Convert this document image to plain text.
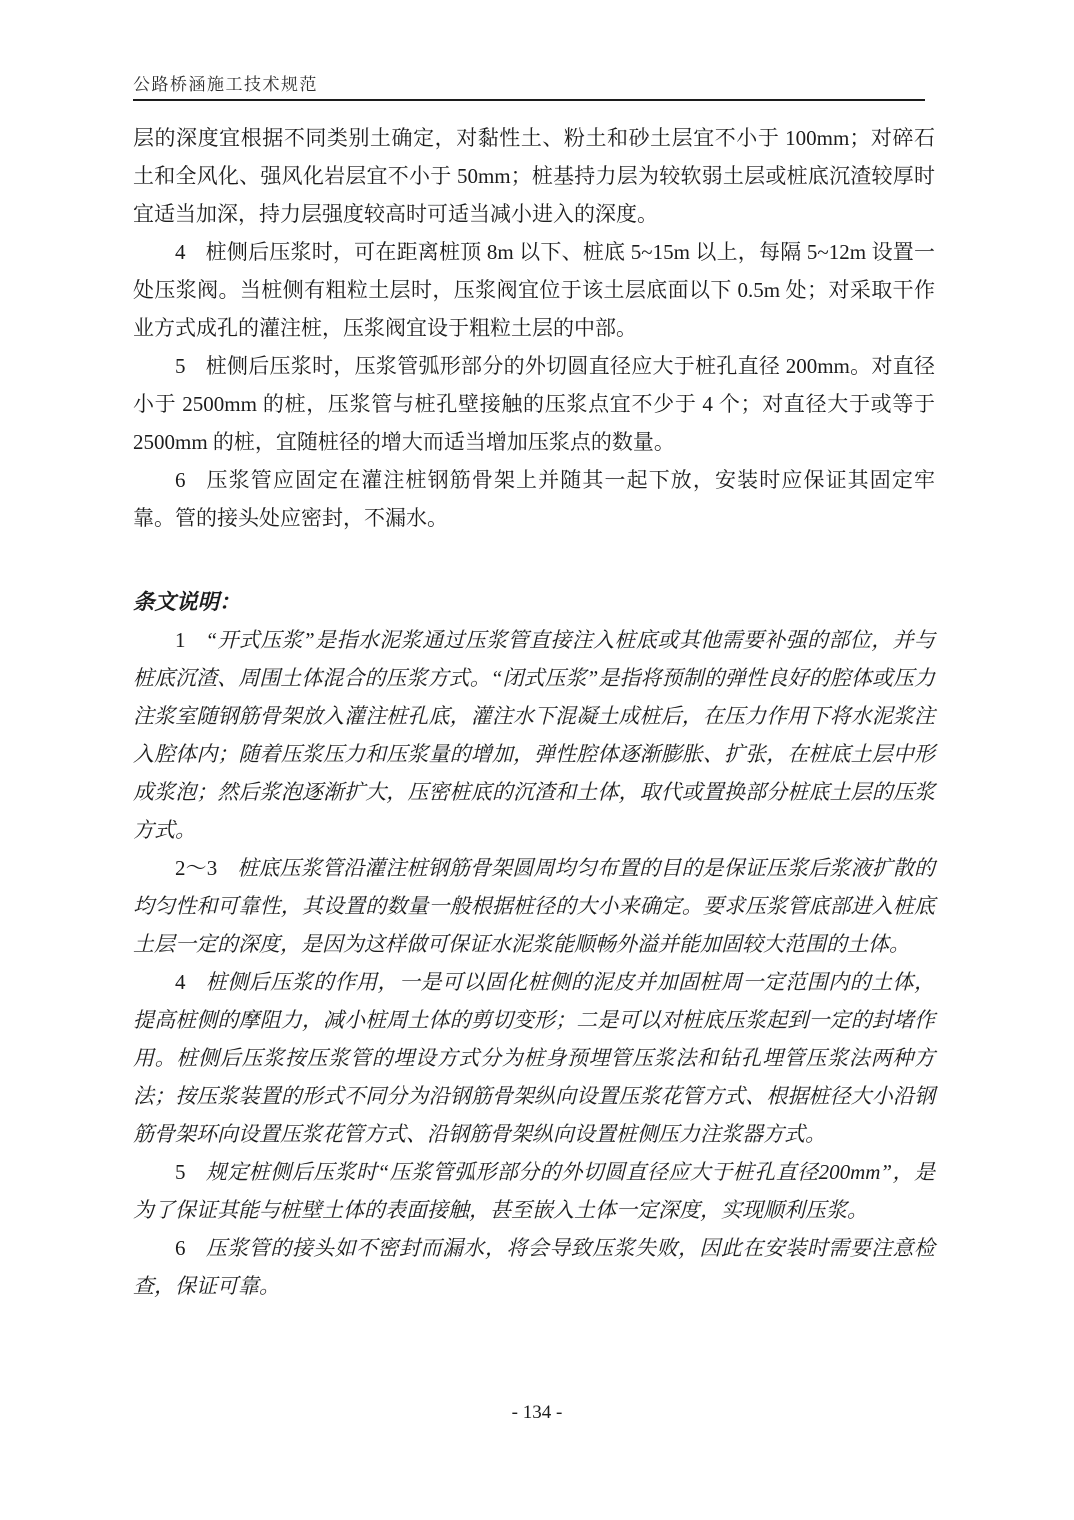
公路桥涵施工技术规范

层的深度宜根据不同类别土确定，对黏性土、粉土和砂土层宜不小于 100mm；对碎石土和全风化、强风化岩层宜不小于 50mm；桩基持力层为较软弱土层或桩底沉渣较厚时宜适当加深，持力层强度较高时可适当减小进入的深度。

4 桩侧后压浆时，可在距离桩顶 8m 以下、桩底 5~15m 以上，每隔 5~12m 设置一处压浆阀。当桩侧有粗粒土层时，压浆阀宜位于该土层底面以下 0.5m 处；对采取干作业方式成孔的灌注桩，压浆阀宜设于粗粒土层的中部。

5 桩侧后压浆时，压浆管弧形部分的外切圆直径应大于桩孔直径 200mm。对直径小于 2500mm 的桩，压浆管与桩孔壁接触的压浆点宜不少于 4 个；对直径大于或等于 2500mm 的桩，宜随桩径的增大而适当增加压浆点的数量。

6 压浆管应固定在灌注桩钢筋骨架上并随其一起下放，安装时应保证其固定牢靠。管的接头处应密封，不漏水。

条文说明：

1 “开式压浆”是指水泥浆通过压浆管直接注入桩底或其他需要补强的部位，并与桩底沉渣、周围土体混合的压浆方式。“闭式压浆”是指将预制的弹性良好的腔体或压力注浆室随钢筋骨架放入灌注桩孔底，灌注水下混凝土成桩后，在压力作用下将水泥浆注入腔体内；随着压浆压力和压浆量的增加，弹性腔体逐渐膨胀、扩张，在桩底土层中形成浆泡；然后浆泡逐渐扩大，压密桩底的沉渣和土体，取代或置换部分桩底土层的压浆方式。

2～3 桩底压浆管沿灌注桩钢筋骨架圆周均匀布置的目的是保证压浆后浆液扩散的均匀性和可靠性，其设置的数量一般根据桩径的大小来确定。要求压浆管底部进入桩底土层一定的深度，是因为这样做可保证水泥浆能顺畅外溢并能加固较大范围的土体。

4 桩侧后压浆的作用，一是可以固化桩侧的泥皮并加固桩周一定范围内的土体，提高桩侧的摩阻力，减小桩周土体的剪切变形；二是可以对桩底压浆起到一定的封堵作用。桩侧后压浆按压浆管的埋设方式分为桩身预埋管压浆法和钻孔埋管压浆法两种方法；按压浆装置的形式不同分为沿钢筋骨架纵向设置压浆花管方式、根据桩径大小沿钢筋骨架环向设置压浆花管方式、沿钢筋骨架纵向设置桩侧压力注浆器方式。

5 规定桩侧后压浆时“压浆管弧形部分的外切圆直径应大于桩孔直径200mm”，是为了保证其能与桩壁土体的表面接触，甚至嵌入土体一定深度，实现顺利压浆。

6 压浆管的接头如不密封而漏水，将会导致压浆失败，因此在安装时需要注意检查，保证可靠。

- 134 -
